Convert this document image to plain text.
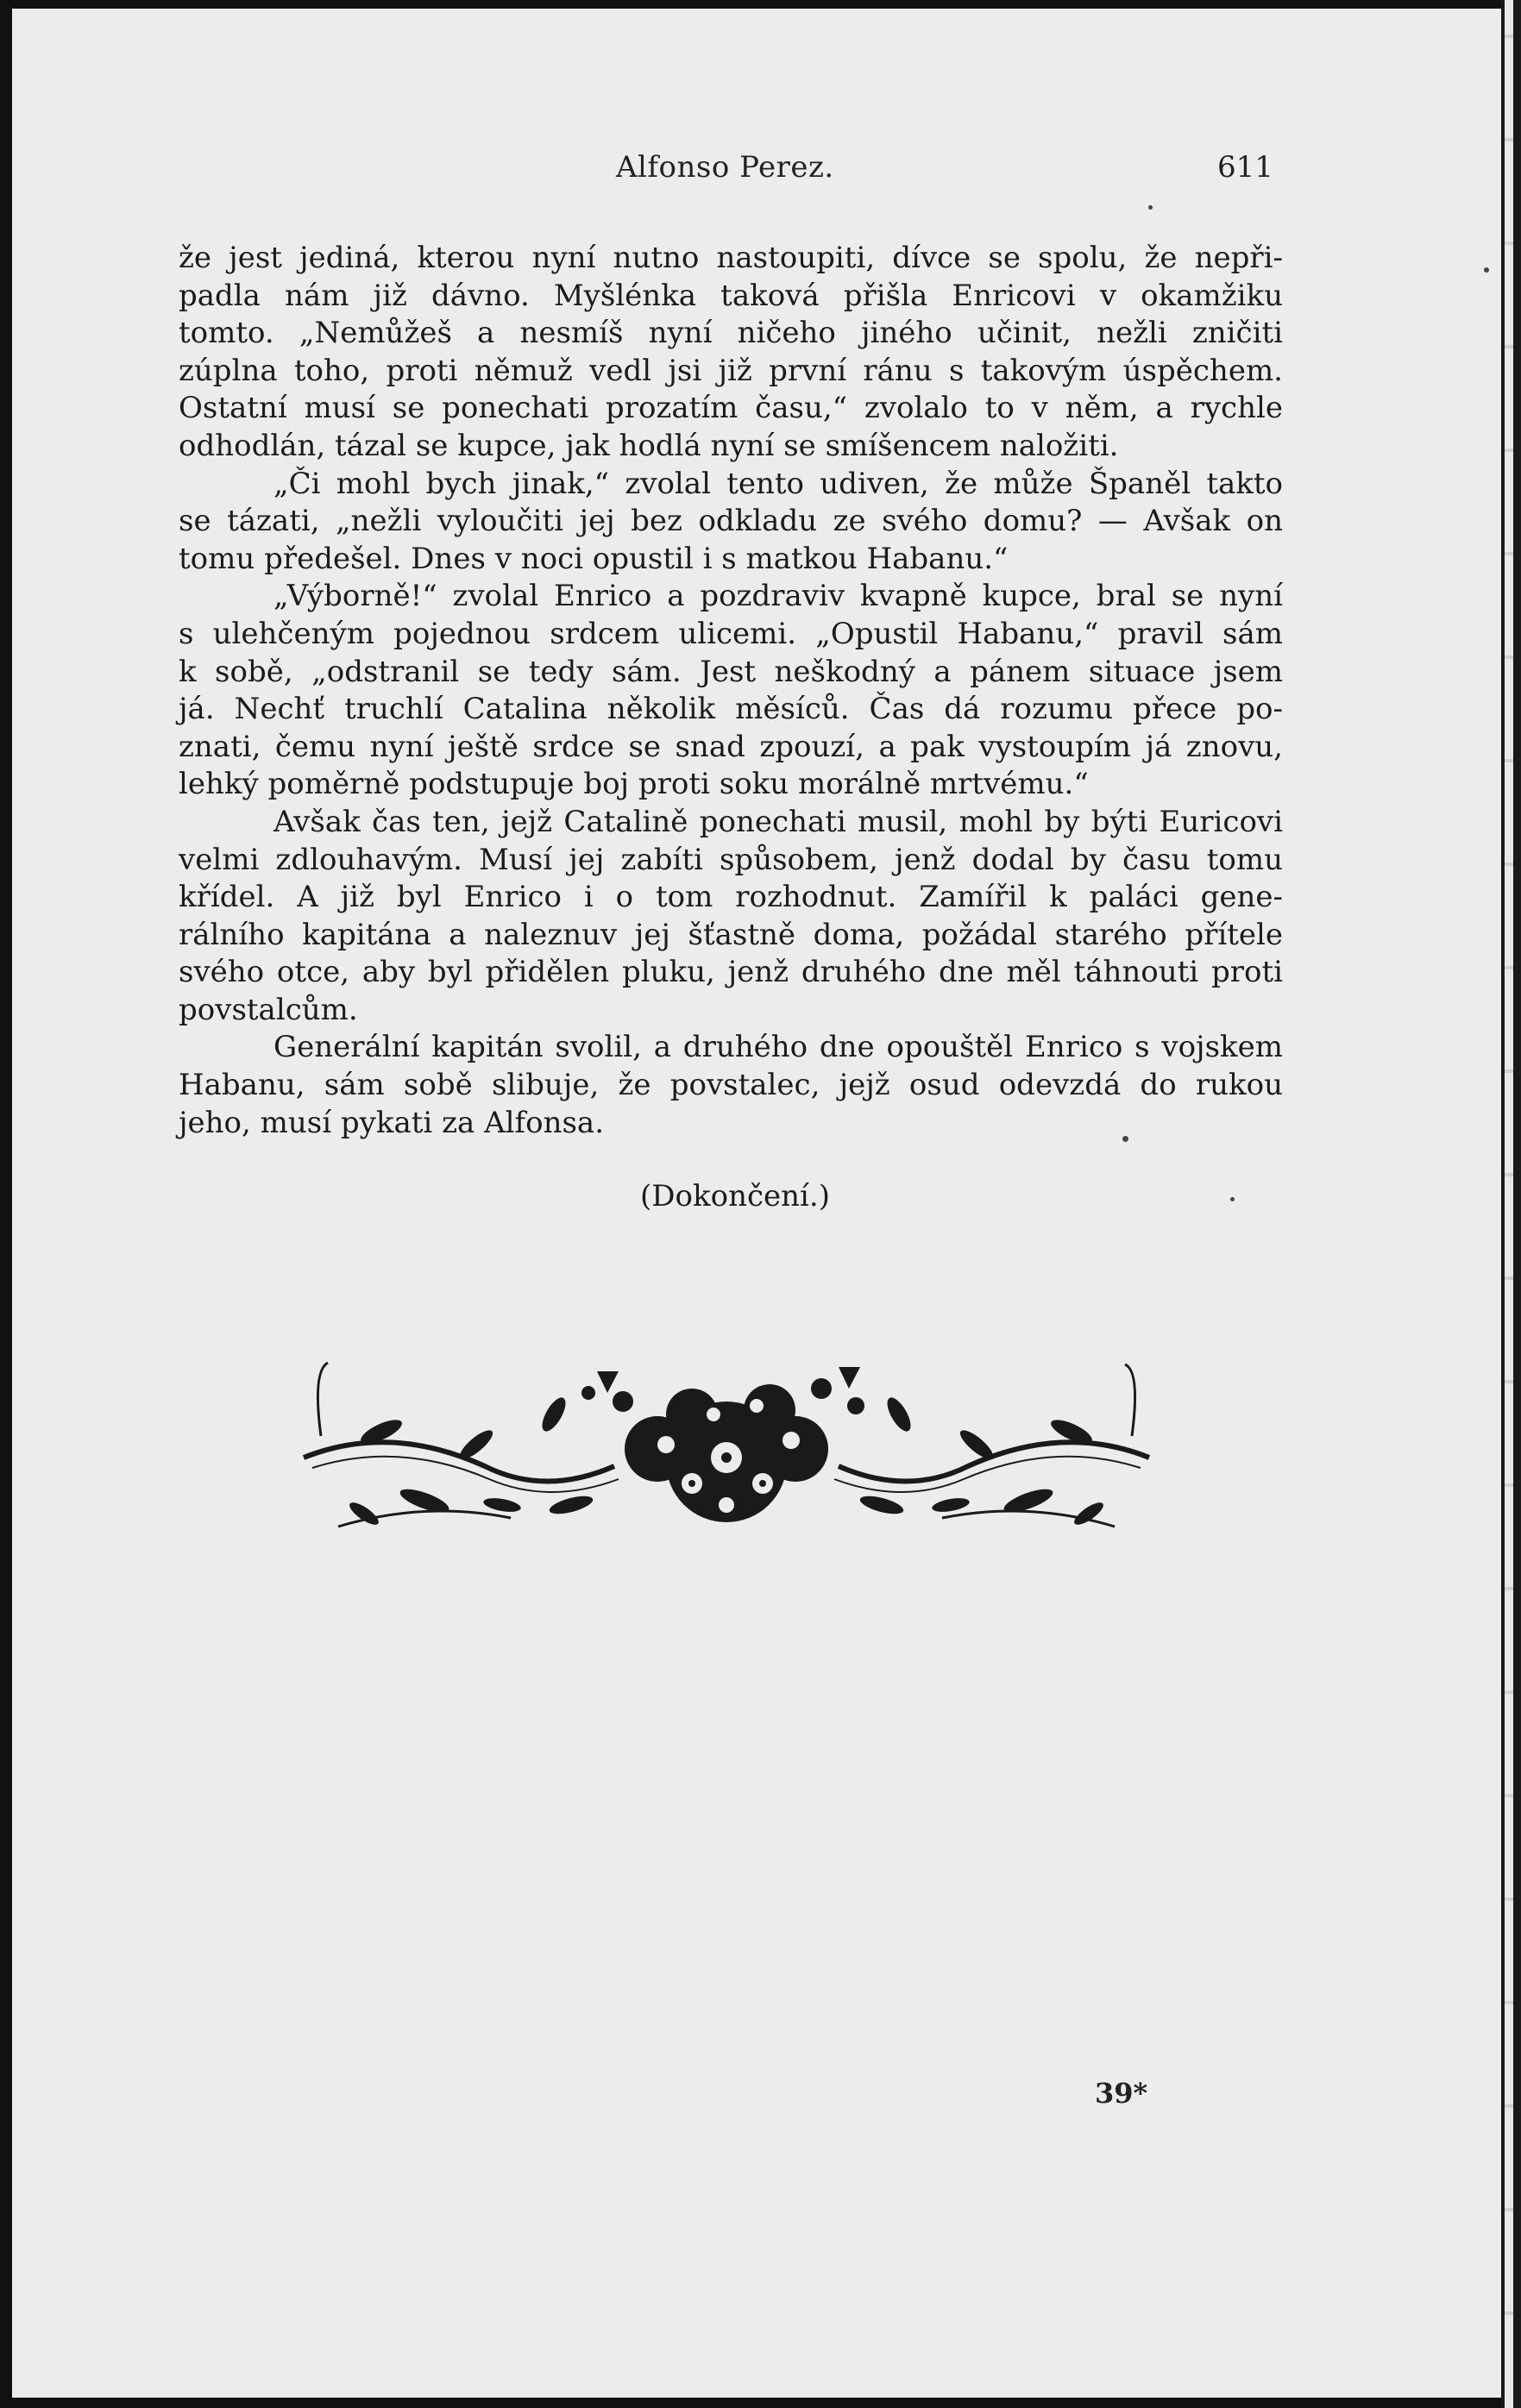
Alfonso Perez.	611
že jest jediná, kterou nyní nutno nastoupiti, dívce se spolu, že nepři-
padla nám již dávno. Myšlénka taková přišla Enricovi v okamžiku
tomto. „Nemůžeš a nesmíš nyní ničeho jiného učinit, nežli zničiti
zúplna toho, proti němuž vedl jsi již první ránu s takovým úspěchem.
Ostatní musí se ponechati prozatím času,“ zvolalo to v něm, a rychle
odhodlán, tázal se kupce, jak hodlá nyní se smíšencem naložiti.
„Či mohl bych jinak,“ zvolal tento udiven, že může Španěl takto
se tázati, „nežli vyloučiti jej bez odkladu ze svého domu? — Avšak on
tomu předešel. Dnes v noci opustil i s matkou Habanu.“
„Výborně!“ zvolal Enrico a pozdraviv kvapně kupce, bral se nyní
s ulehčeným pojednou srdcem ulicemi. „Opustil Habanu,“ pravil sám
k sobě, „odstranil se tedy sám. Jest neškodný a pánem situace jsem
já. Nechť truchlí Catalina několik měsíců. Čas dá rozumu přece po-
znati, čemu nyní ještě srdce se snad zpouzí, a pak vystoupím já znovu,
lehký poměrně podstupuje boj proti soku morálně mrtvému.“
Avšak čas ten, jejž Catalině ponechati musil, mohl by býti Euricovi
velmi zdlouhavým. Musí jej zabíti spůsobem, jenž dodal by času tomu
křídel. A již byl Enrico i o tom rozhodnut. Zamířil k paláci gene-
rálního kapitána a naleznuv jej šťastně doma, požádal starého přítele
svého otce, aby byl přidělen pluku, jenž druhého dne měl táhnouti proti
povstalcům.
Generální kapitán svolil, a druhého dne opouštěl Enrico s vojskem
Habanu, sám sobě slibuje, že povstalec, jejž osud odevzdá do rukou
jeho, musí pykati za Alfonsa.
(Dokončení.)
39*
